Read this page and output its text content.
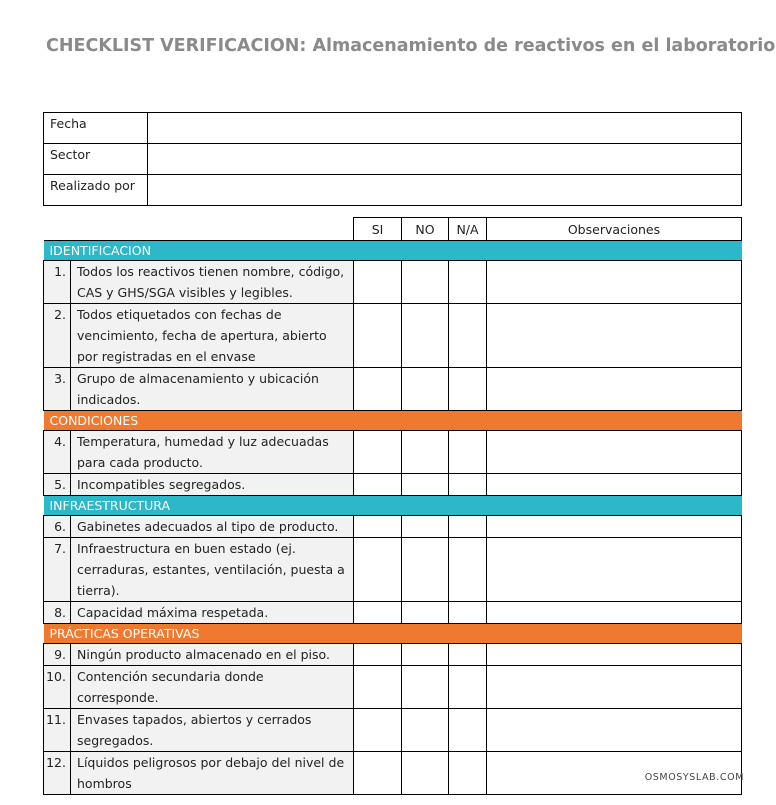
CHECKLIST VERIFICACION: Almacenamiento de reactivos en el laboratorio
Fecha	
Sector	
Realizado por	
		SI	NO	N/A	Observaciones
IDENTIFICACION					
1.	Todos los reactivos tienen nombre, código, CAS y GHS/SGA visibles y legibles.				
2.	Todos etiquetados con fechas de vencimiento, fecha de apertura, abierto por registradas en el envase				
3.	Grupo de almacenamiento y ubicación indicados.				
CONDICIONES					
4.	Temperatura, humedad y luz adecuadas para cada producto.				
5.	Incompatibles segregados.				
INFRAESTRUCTURA					
6.	Gabinetes adecuados al tipo de producto.				
7.	Infraestructura en buen estado (ej. cerraduras, estantes, ventilación, puesta a tierra).				
8.	Capacidad máxima respetada.				
PRÁCTICAS OPERATIVAS					
9.	Ningún producto almacenado en el piso.				
10.	Contención secundaria donde corresponde.				
11.	Envases tapados, abiertos y cerrados segregados.				
12.	Líquidos peligrosos por debajo del nivel de hombros					OSMOSYSLAB.COM
